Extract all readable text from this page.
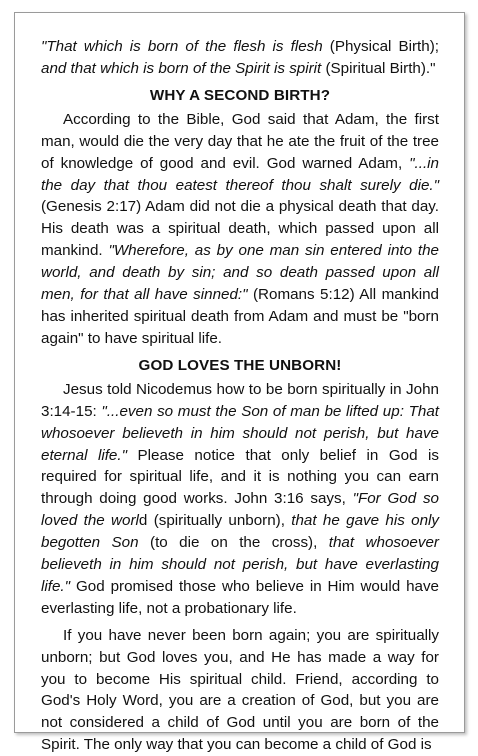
"That which is born of the flesh is flesh (Physical Birth); and that which is born of the Spirit is spirit (Spiritual Birth)."

WHY A SECOND BIRTH?

According to the Bible, God said that Adam, the first man, would die the very day that he ate the fruit of the tree of knowledge of good and evil. God warned Adam, "...in the day that thou eatest thereof thou shalt surely die." (Genesis 2:17) Adam did not die a physical death that day. His death was a spiritual death, which passed upon all mankind. "Wherefore, as by one man sin entered into the world, and death by sin; and so death passed upon all men, for that all have sinned:" (Romans 5:12) All mankind has inherited spiritual death from Adam and must be "born again" to have spiritual life.

GOD LOVES THE UNBORN!

Jesus told Nicodemus how to be born spiritually in John 3:14-15: "...even so must the Son of man be lifted up: That whosoever believeth in him should not perish, but have eternal life." Please notice that only belief in God is required for spiritual life, and it is nothing you can earn through doing good works. John 3:16 says, "For God so loved the world (spiritually unborn), that he gave his only begotten Son (to die on the cross), that whosoever believeth in him should not perish, but have everlasting life." God promised those who believe in Him would have everlasting life, not a probationary life.

If you have never been born again; you are spiritually unborn; but God loves you, and He has made a way for you to become His spiritual child. Friend, according to God's Holy Word, you are a creation of God, but you are not considered a child of God until you are born of the Spirit. The only way that you can become a child of God is
